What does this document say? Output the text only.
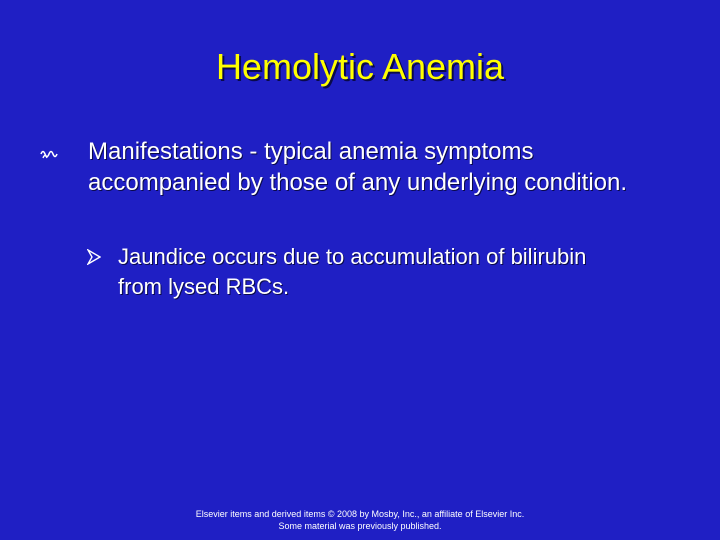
Hemolytic Anemia
Manifestations - typical anemia symptoms accompanied by those of any underlying condition.
Jaundice occurs due to accumulation of bilirubin from lysed RBCs.
Elsevier items and derived items © 2008 by Mosby, Inc., an affiliate of Elsevier Inc.
Some material was previously published.
